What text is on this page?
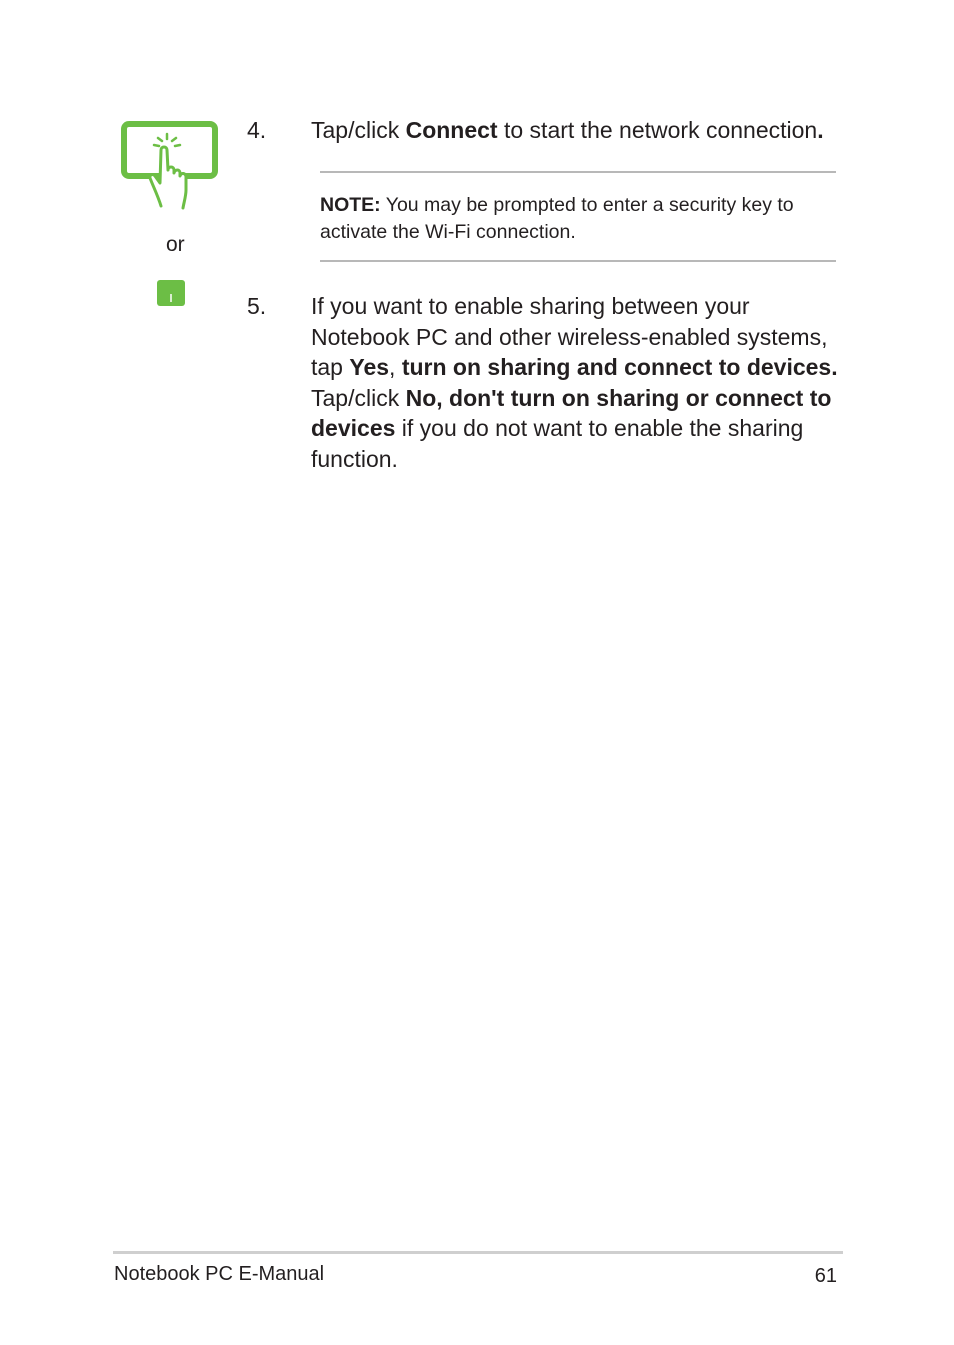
or
4. Tap/click Connect to start the network connection.
NOTE: You may be prompted to enter a security key to
activate the Wi-Fi connection.
5. If you want to enable sharing between your
Notebook PC and other wireless-enabled systems,
tap Yes, turn on sharing and connect to devices.
Tap/click No, don't turn on sharing or connect to
devices if you do not want to enable the sharing
function.
Notebook PC E-Manual	61
